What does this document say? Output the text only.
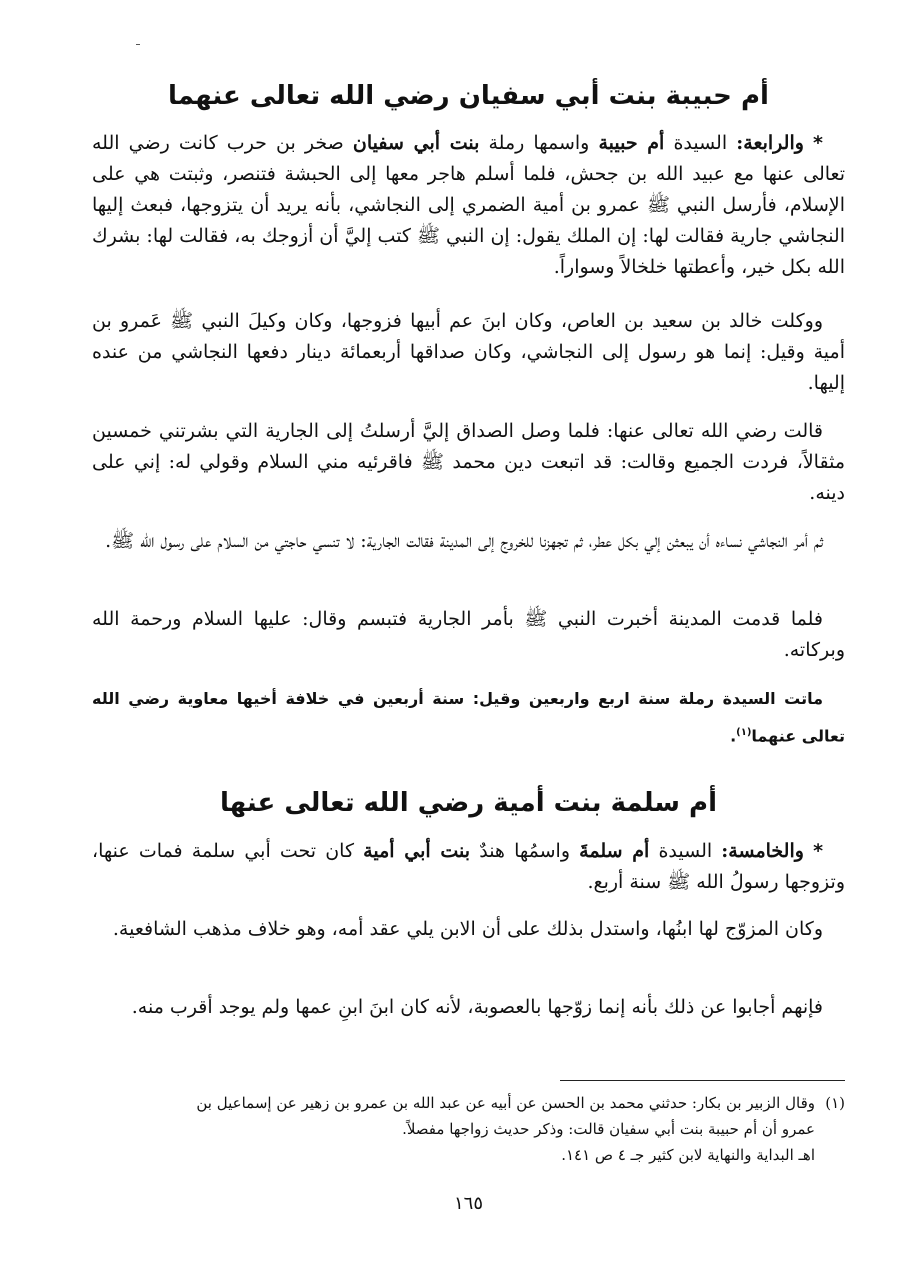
أم حبيبة بنت أبي سفيان رضي الله تعالى عنهما

* والرابعة: السيدة أم حبيبة واسمها رملة بنت أبي سفيان صخر بن حرب كانت رضي الله تعالى عنها مع عبيد الله بن جحش، فلما أسلم هاجر معها إلى الحبشة فتنصر، وثبتت هي على الإسلام، فأرسل النبي ﷺ عمرو بن أمية الضمري إلى النجاشي، بأنه يريد أن يتزوجها، فبعث إليها النجاشي جارية فقالت لها: إن الملك يقول: إن النبي ﷺ كتب إليَّ أن أزوجك به، فقالت لها: بشرك الله بكل خير، وأعطتها خلخالاً وسواراً.

ووكلت خالد بن سعيد بن العاص، وكان ابنَ عم أبيها فزوجها، وكان وكيلَ النبي ﷺ عَمرو بن أمية وقيل: إنما هو رسول إلى النجاشي، وكان صداقها أربعمائة دينار دفعها النجاشي من عنده إليها.

قالت رضي الله تعالى عنها: فلما وصل الصداق إليَّ أرسلتُ إلى الجارية التي بشرتني خمسين مثقالاً، فردت الجميع وقالت: قد اتبعت دين محمد ﷺ فاقرئيه مني السلام وقولي له: إني على دينه.

ثم أمر النجاشي نساءه أن يبعثن إلي بكل عطر، ثم تجهزنا للخروج إلى المدينة فقالت الجارية: لا تنسي حاجتي من السلام على رسول الله ﷺ.

فلما قدمت المدينة أخبرت النبي ﷺ بأمر الجارية فتبسم وقال: عليها السلام ورحمة الله وبركاته.

ماتت السيدة رملة سنة اربع واربعين وقيل: سنة أربعين في خلافة أخيها معاوية رضي الله تعالى عنهما$^{(١)}$.

أم سلمة بنت أمية رضي الله تعالى عنها

* والخامسة: السيدة أم سلمةَ واسمُها هندٌ بنت أبي أمية كان تحت أبي سلمة فمات عنها، وتزوجها رسولُ الله ﷺ سنة أربع.

وكان المزوّج لها ابنُها، واستدل بذلك على أن الابن يلي عقد أمه، وهو خلاف مذهب الشافعية.

فإنهم أجابوا عن ذلك بأنه إنما زوّجها بالعصوبة، لأنه كان ابنَ ابنِ عمها ولم يوجد أقرب منه.

(١)وقال الزبير بن بكار: حدثني محمد بن الحسن عن أبيه عن عبد الله بن عمرو بن زهير عن إسماعيل بن
عمرو أن أم حبيبة بنت أبي سفيان قالت: وذكر حديث زواجها مفصلاً.
اهـ البداية والنهاية لابن كثير جـ ٤ ص ١٤١.
١٦٥
